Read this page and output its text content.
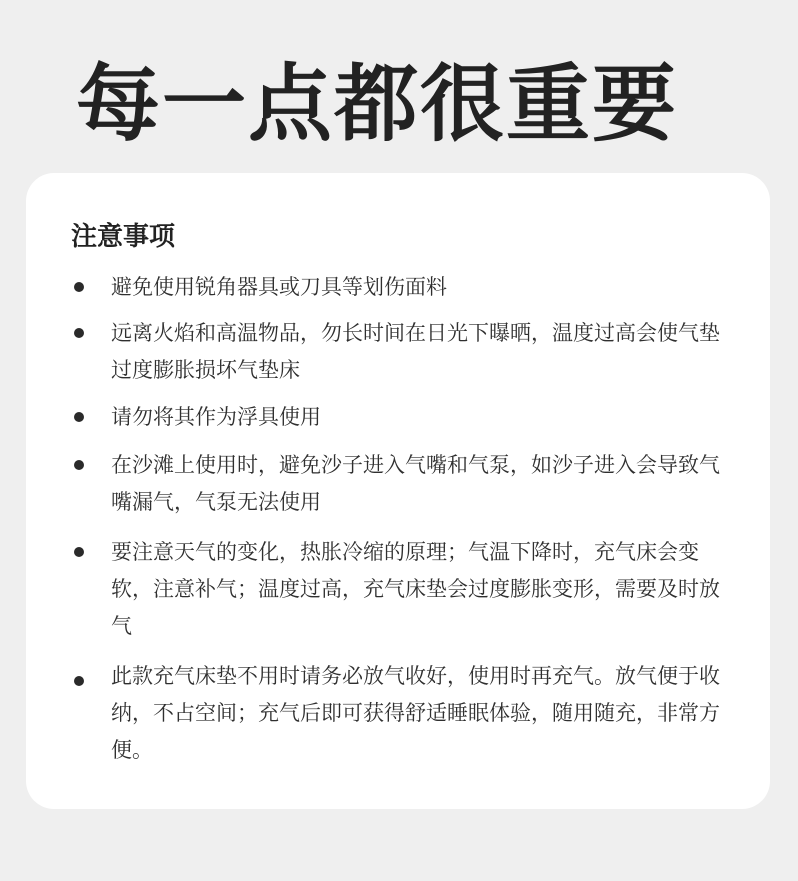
每一点都很重要
注意事项

避免使用锐角器具或刀具等划伤面料

远离火焰和高温物品，勿长时间在日光下曝晒，温度过高会使气垫过度膨胀损坏气垫床

请勿将其作为浮具使用

在沙滩上使用时，避免沙子进入气嘴和气泵，如沙子进入会导致气嘴漏气，气泵无法使用

要注意天气的变化，热胀冷缩的原理；气温下降时，充气床会变软，注意补气；温度过高，充气床垫会过度膨胀变形，需要及时放气

此款充气床垫不用时请务必放气收好，使用时再充气。放气便于收纳，不占空间；充气后即可获得舒适睡眠体验，随用随充，非常方便。
